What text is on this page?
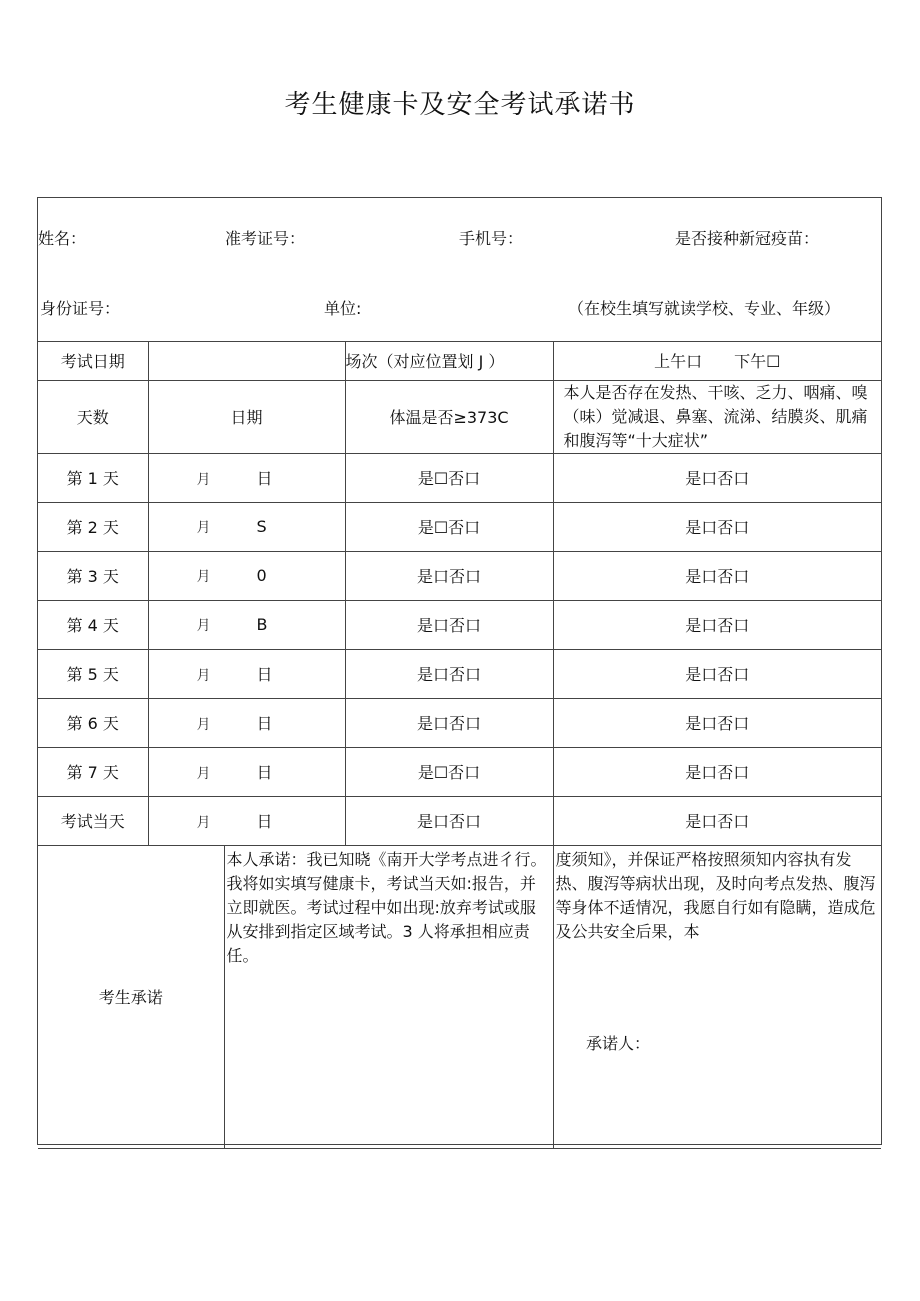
考生健康卡及安全考试承诺书
姓名：	准考证号：	手机号：	是否接种新冠疫苗：
身份证号：	单位:	（在校生填写就读学校、专业、年级）
考试日期			场次（对应位置划 J ）	上午口　　下午☐
天数	日期		体温是否≥373C	本人是否存在发热、干咳、乏力、咽痛、嗅（味）觉减退、鼻塞、流涕、结膜炎、肌痛和腹泻等“十大症状”
第 1 天	月 日		是☐否口	是口否口
第 2 天	月 S		是☐否口	是口否口
第 3 天	月 0		是口否口	是口否口
第 4 天	月 B		是口否口	是口否口
第 5 天	月 日		是口否口	是口否口
第 6 天	月 日		是口否口	是口否口
第 7 天	月 日		是☐否口	是口否口
考试当天	月 日		是口否口	是口否口
考生承诺		本人承诺：我已知晓《南开大学考点进彳行。我将如实填写健康卡，考试当天如:报告，并立即就医。考试过程中如出现:放弃考试或服从安排到指定区域考试。3 人将承担相应责任。		度须知》，并保证严格按照须知内容执有发热、腹泻等病状出现，及时向考点发热、腹泻等身体不适情况，我愿自行如有隐瞒，造成危及公共安全后果，本
承诺人：
